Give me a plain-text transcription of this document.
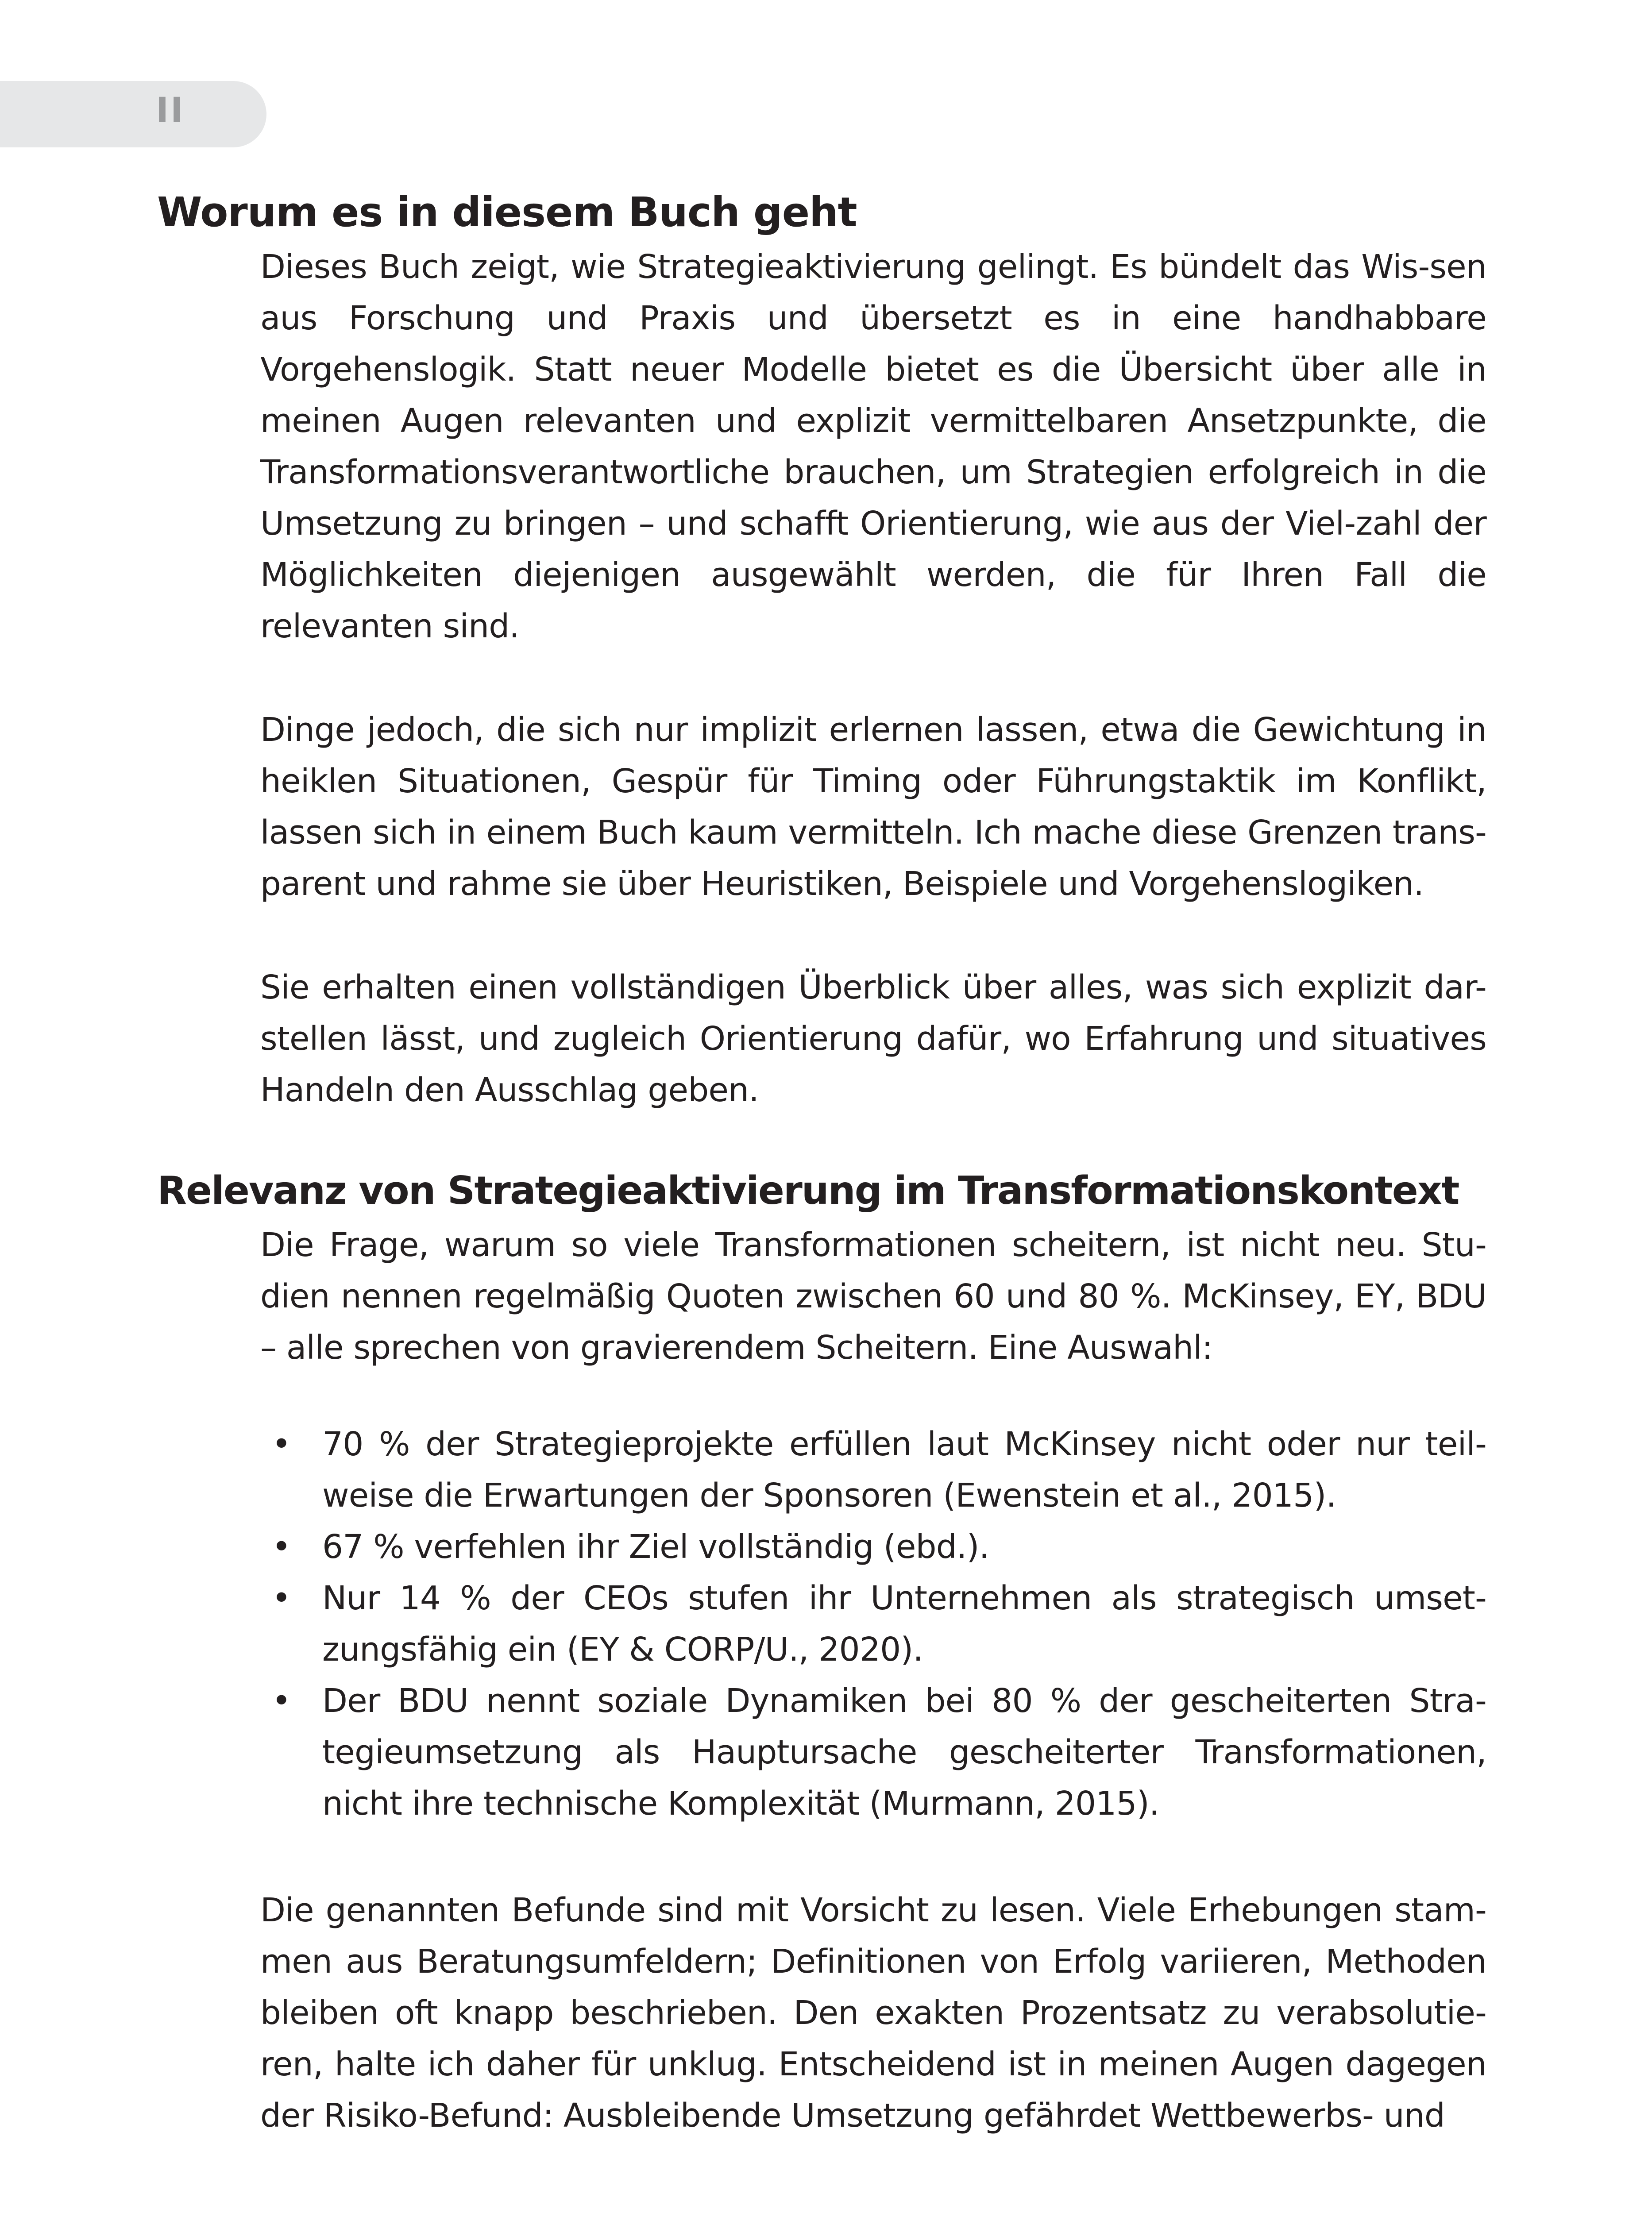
II
Worum es in diesem Buch geht

Dieses Buch zeigt, wie Strategieaktivierung gelingt. Es bündelt das Wis-sen aus Forschung und Praxis und übersetzt es in eine handhabbare Vorgehenslogik. Statt neuer Modelle bietet es die Übersicht über alle in meinen Augen relevanten und explizit vermittelbaren Ansetzpunkte, die Transformationsverantwortliche brauchen, um Strategien erfolgreich in die Umsetzung zu bringen – und schafft Orientierung, wie aus der Viel-zahl der Möglichkeiten diejenigen ausgewählt werden, die für Ihren Fall die relevanten sind.

Dinge jedoch, die sich nur implizit erlernen lassen, etwa die Gewichtung in heiklen Situationen, Gespür für Timing oder Führungstaktik im Konflikt, lassen sich in einem Buch kaum vermitteln. Ich mache diese Grenzen trans-parent und rahme sie über Heuristiken, Beispiele und Vorgehenslogiken.

Sie erhalten einen vollständigen Überblick über alles, was sich explizit dar-stellen lässt, und zugleich Orientierung dafür, wo Erfahrung und situatives Handeln den Ausschlag geben.

Relevanz von Strategieaktivierung im Transformationskontext

Die Frage, warum so viele Transformationen scheitern, ist nicht neu. Stu-dien nennen regelmäßig Quoten zwischen 60 und 80 %. McKinsey, EY, BDU – alle sprechen von gravierendem Scheitern. Eine Auswahl:

• 70 % der Strategieprojekte erfüllen laut McKinsey nicht oder nur teil-weise die Erwartungen der Sponsoren (Ewenstein et al., 2015).
• 67 % verfehlen ihr Ziel vollständig (ebd.).
• Nur 14 % der CEOs stufen ihr Unternehmen als strategisch umset-zungsfähig ein (EY & CORP/U., 2020).
• Der BDU nennt soziale Dynamiken bei 80 % der gescheiterten Stra-tegieumsetzung als Hauptursache gescheiterter Transformationen, nicht ihre technische Komplexität (Murmann, 2015).

Die genannten Befunde sind mit Vorsicht zu lesen. Viele Erhebungen stam-men aus Beratungsumfeldern; Definitionen von Erfolg variieren, Methoden bleiben oft knapp beschrieben. Den exakten Prozentsatz zu verabsolutie-ren, halte ich daher für unklug. Entscheidend ist in meinen Augen dagegen der Risiko-Befund: Ausbleibende Umsetzung gefährdet Wettbewerbs- und
